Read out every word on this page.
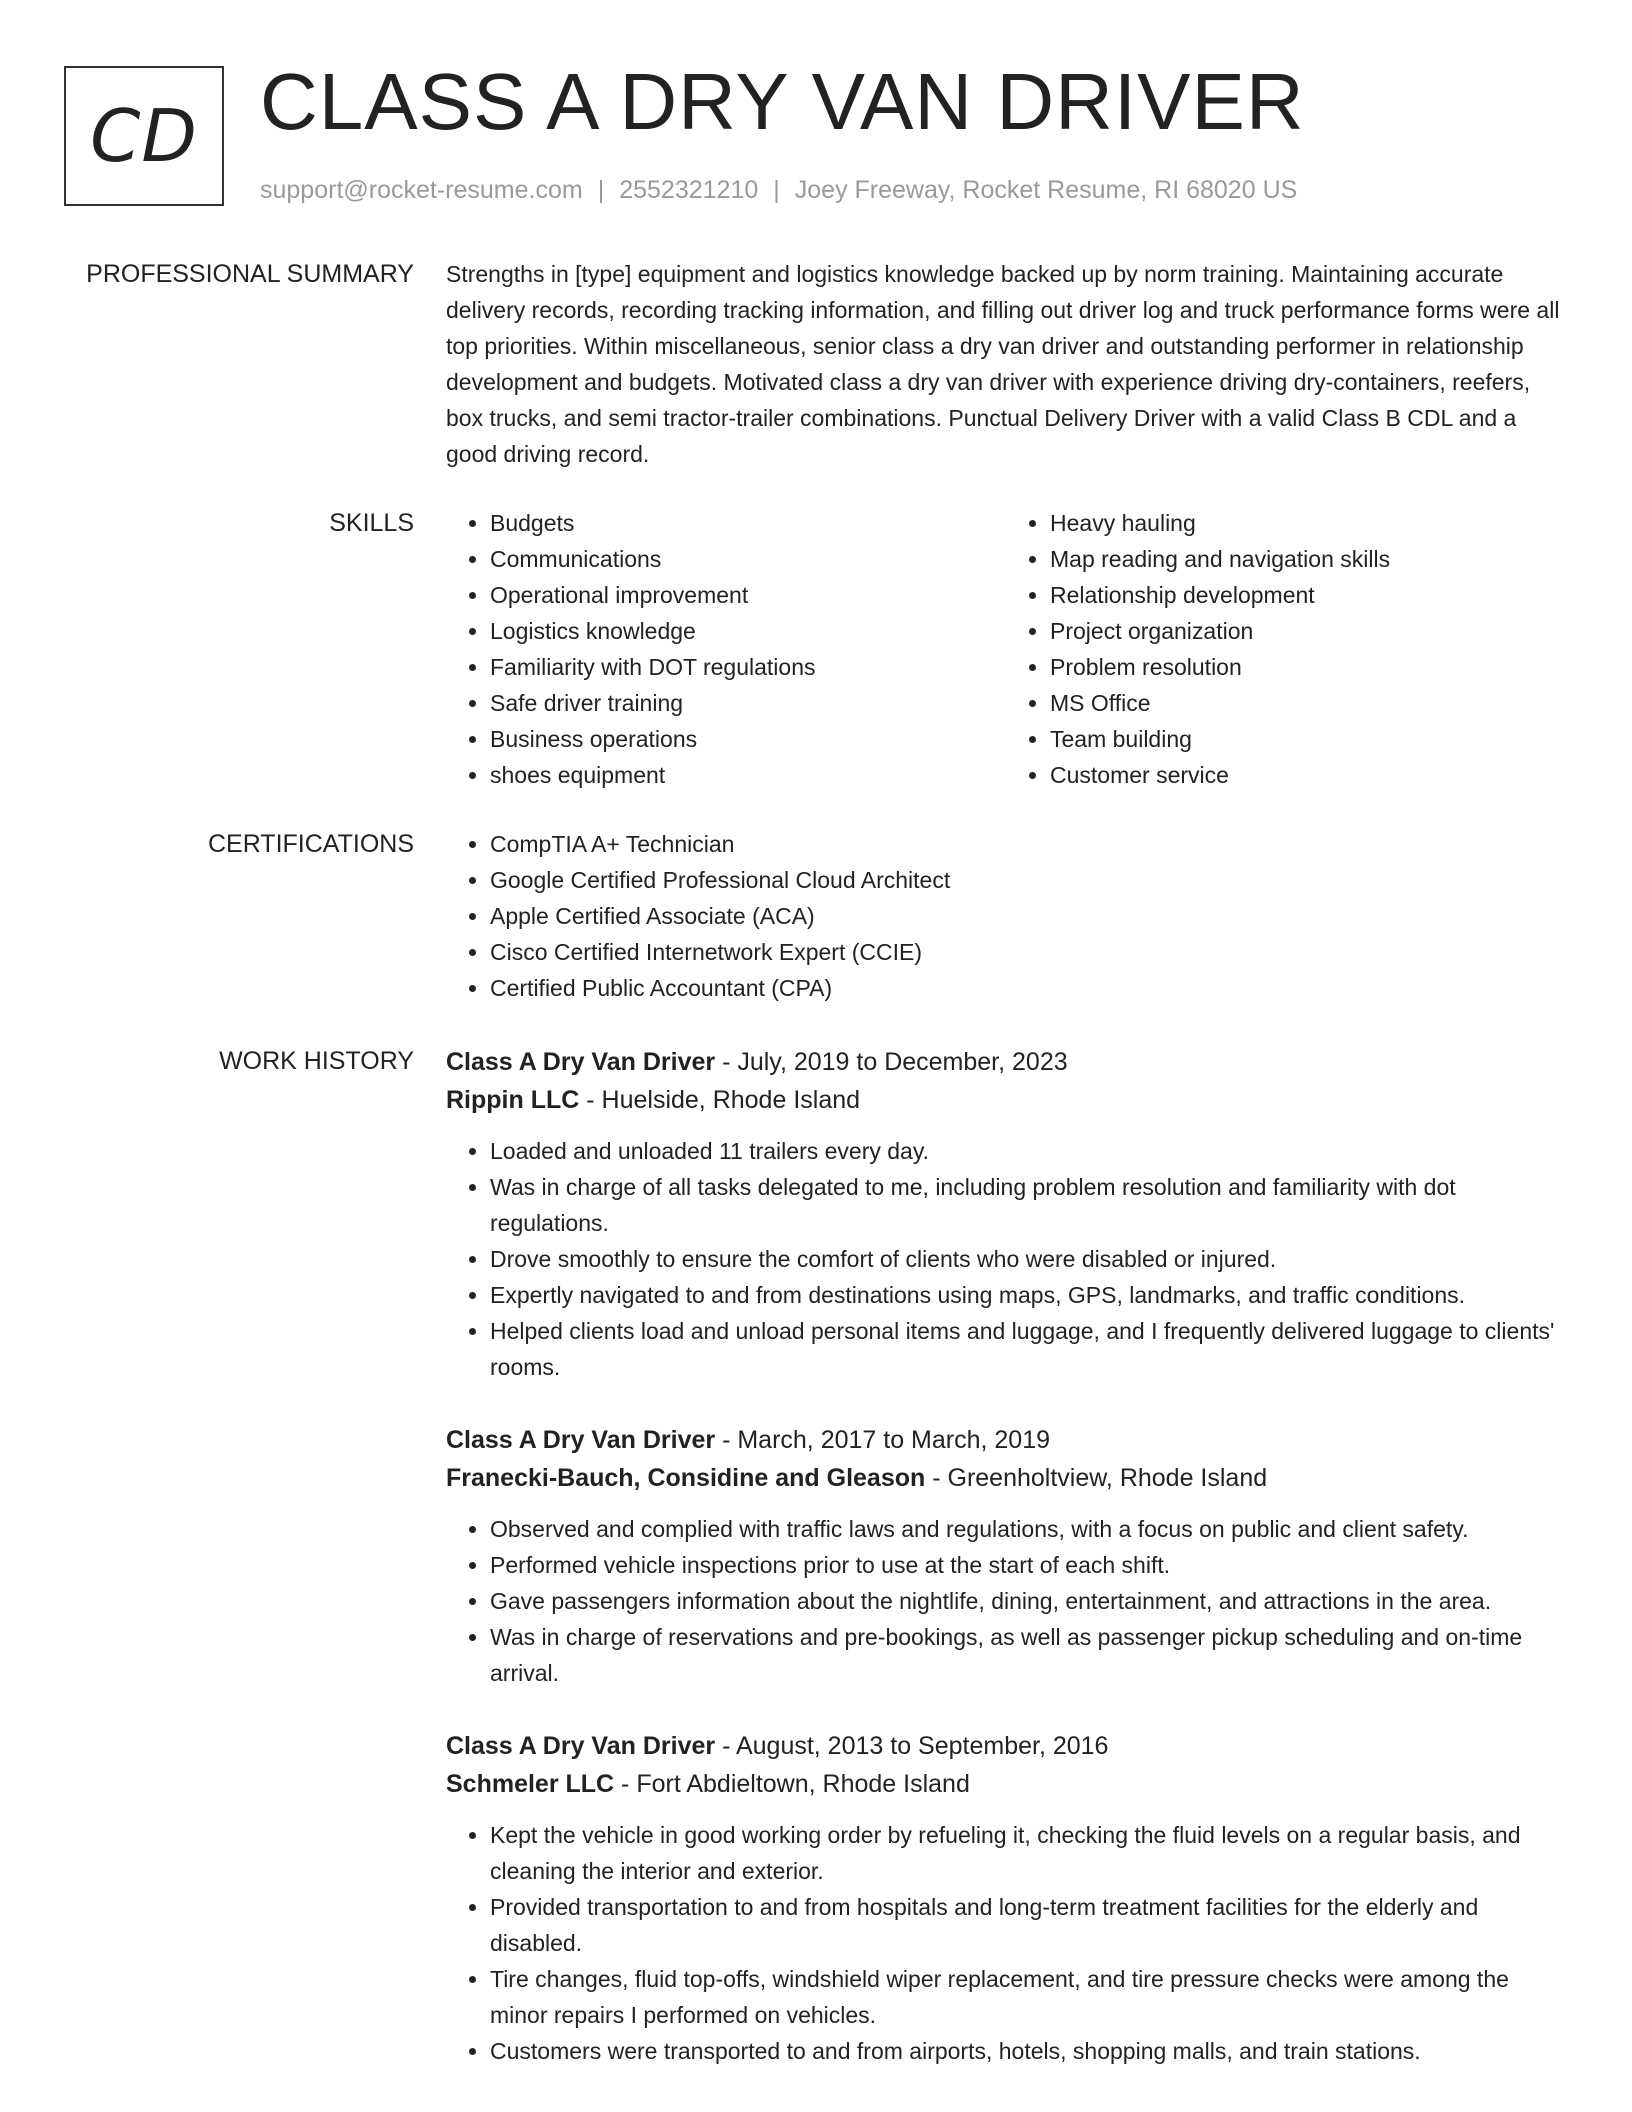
CD CLASS A DRY VAN DRIVER
support@rocket-resume.com | 2552321210 | Joey Freeway, Rocket Resume, RI 68020 US
PROFESSIONAL SUMMARY Strengths in [type] equipment and logistics knowledge backed up by norm training. Maintaining accurate delivery records, recording tracking information, and filling out driver log and truck performance forms were all top priorities. Within miscellaneous, senior class a dry van driver and outstanding performer in relationship development and budgets. Motivated class a dry van driver with experience driving dry-containers, reefers, box trucks, and semi tractor-trailer combinations. Punctual Delivery Driver with a valid Class B CDL and a good driving record.

SKILLS	• Budgets
• Communications
• Operational improvement
• Logistics knowledge
• Familiarity with DOT regulations
• Safe driver training
• Business operations
• shoes equipment
• Heavy hauling
• Map reading and navigation skills
• Relationship development
• Project organization
• Problem resolution
• MS Office
• Team building
• Customer service
CERTIFICATIONS	• CompTIA A+ Technician
• Google Certified Professional Cloud Architect
• Apple Certified Associate (ACA)
• Cisco Certified Internetwork Expert (CCIE)
• Certified Public Accountant (CPA)
WORK HISTORY Class A Dry Van Driver - July, 2019 to December, 2023
Rippin LLC - Huelside, Rhode Island
• Loaded and unloaded 11 trailers every day.
• Was in charge of all tasks delegated to me, including problem resolution and familiarity with dot regulations.
• Drove smoothly to ensure the comfort of clients who were disabled or injured.
• Expertly navigated to and from destinations using maps, GPS, landmarks, and traffic conditions.
• Helped clients load and unload personal items and luggage, and I frequently delivered luggage to clients' rooms.
Class A Dry Van Driver - March, 2017 to March, 2019
Franecki-Bauch, Considine and Gleason - Greenholtview, Rhode Island
• Observed and complied with traffic laws and regulations, with a focus on public and client safety.
• Performed vehicle inspections prior to use at the start of each shift.
• Gave passengers information about the nightlife, dining, entertainment, and attractions in the area.
• Was in charge of reservations and pre-bookings, as well as passenger pickup scheduling and on-time arrival.
Class A Dry Van Driver - August, 2013 to September, 2016
Schmeler LLC - Fort Abdieltown, Rhode Island
• Kept the vehicle in good working order by refueling it, checking the fluid levels on a regular basis, and cleaning the interior and exterior.
• Provided transportation to and from hospitals and long-term treatment facilities for the elderly and disabled.
• Tire changes, fluid top-offs, windshield wiper replacement, and tire pressure checks were among the minor repairs I performed on vehicles.
• Customers were transported to and from airports, hotels, shopping malls, and train stations.
